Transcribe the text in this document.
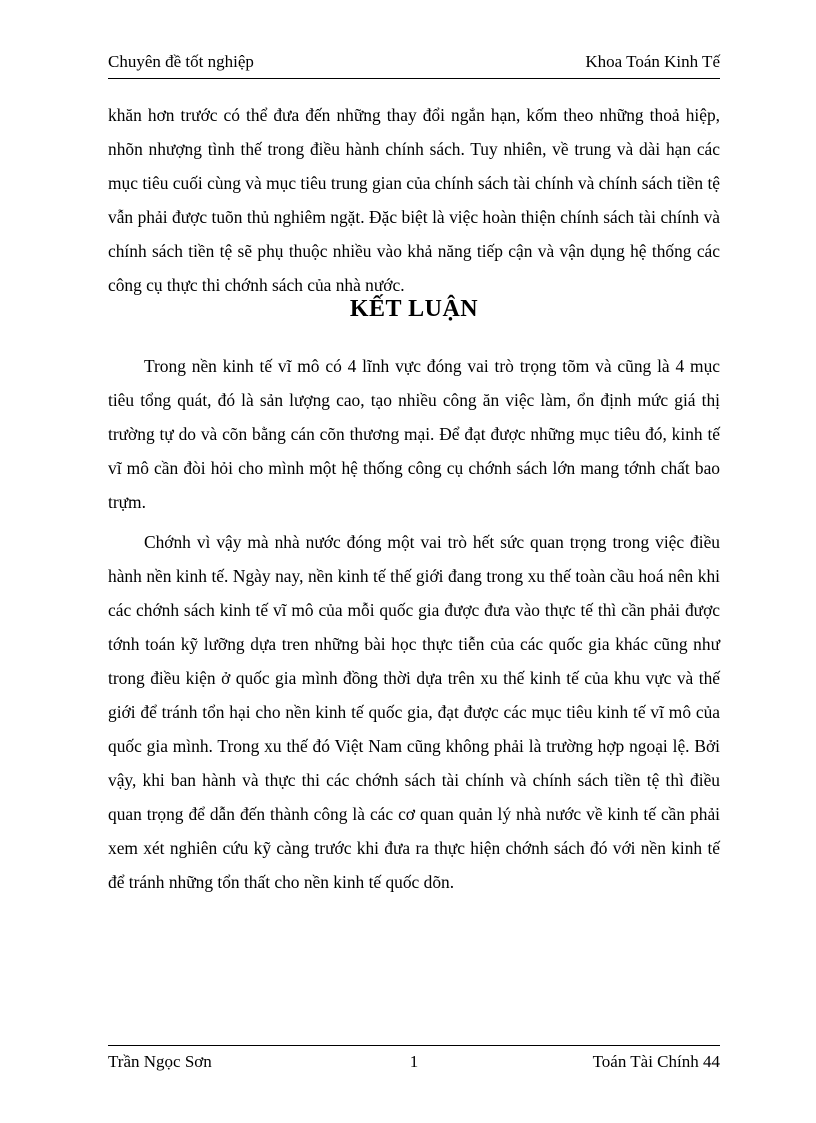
Chuyên đề tốt nghiệp	Khoa Toán Kinh Tế

khăn hơn trước có thể đưa đến những thay đổi ngắn hạn, kốm theo những thoả hiệp, nhõn nhượng tình thế trong điều hành chính sách. Tuy nhiên, về trung và dài hạn các mục tiêu cuối cùng và mục tiêu trung gian của chính sách tài chính và chính sách tiền tệ vẫn phải được tuõn thủ nghiêm ngặt. Đặc biệt là việc hoàn thiện chính sách tài chính và chính sách tiền tệ sẽ phụ thuộc nhiều vào khả năng tiếp cận và vận dụng hệ thống các công cụ thực thi chớnh sách của nhà nước.

KẾT LUẬN

Trong nền kinh tế vĩ mô có 4 lĩnh vực đóng vai trò trọng tõm và cũng là 4 mục tiêu tổng quát, đó là sản lượng cao, tạo nhiều công ăn việc làm, ổn định mức giá thị trường tự do và cõn bằng cán cõn thương mại. Để đạt được những mục tiêu đó, kinh tế vĩ mô cần đòi hỏi cho mình một hệ thống công cụ chớnh sách lớn mang tớnh chất bao trựm.

Chớnh vì vậy mà nhà nước đóng một vai trò hết sức quan trọng trong việc điều hành nền kinh tế. Ngày nay, nền kinh tế thế giới đang trong xu thế toàn cầu hoá nên khi các chớnh sách kinh tế vĩ mô của mỗi quốc gia được đưa vào thực tế thì cần phải được tớnh toán kỹ lưỡng dựa tren những bài học thực tiễn của các quốc gia khác cũng như trong điều kiện ở quốc gia mình đồng thời dựa trên xu thế kinh tế của khu vực và thế giới để tránh tổn hại cho nền kinh tế quốc gia, đạt được các mục tiêu kinh tế vĩ mô của quốc gia mình. Trong xu thế đó Việt Nam cũng không phải là trường hợp ngoại lệ. Bởi vậy, khi ban hành và thực thi các chớnh sách tài chính và chính sách tiền tệ thì điều quan trọng để dẫn đến thành công là các cơ quan quản lý nhà nước về kinh tế cần phải xem xét nghiên cứu kỹ càng trước khi đưa ra thực hiện chớnh sách đó với nền kinh tế để tránh những tổn thất cho nền kinh tế quốc dõn.

Trần Ngọc Sơn	1	Toán Tài Chính 44
